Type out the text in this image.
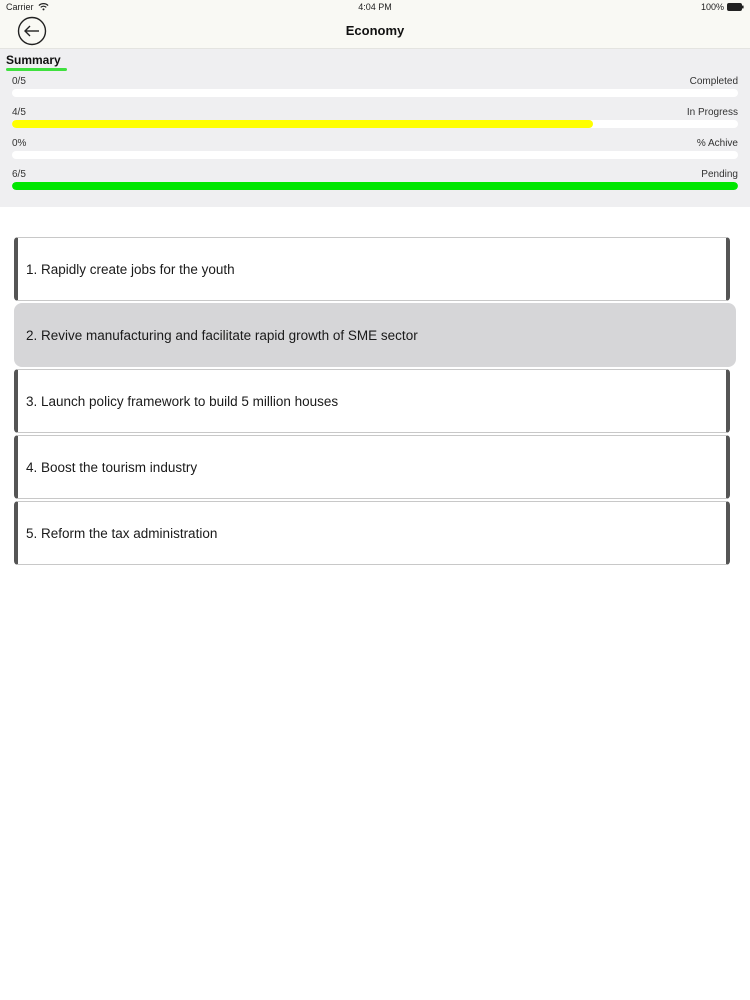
Carrier	4:04 PM	100%
Economy
Summary
0/5	Completed
4/5	In Progress
0%	% Achive
6/5	Pending
1. Rapidly create jobs for the youth
2. Revive manufacturing and facilitate rapid growth of SME sector
3. Launch policy framework to build 5 million houses
4. Boost the tourism industry
5. Reform the tax administration
